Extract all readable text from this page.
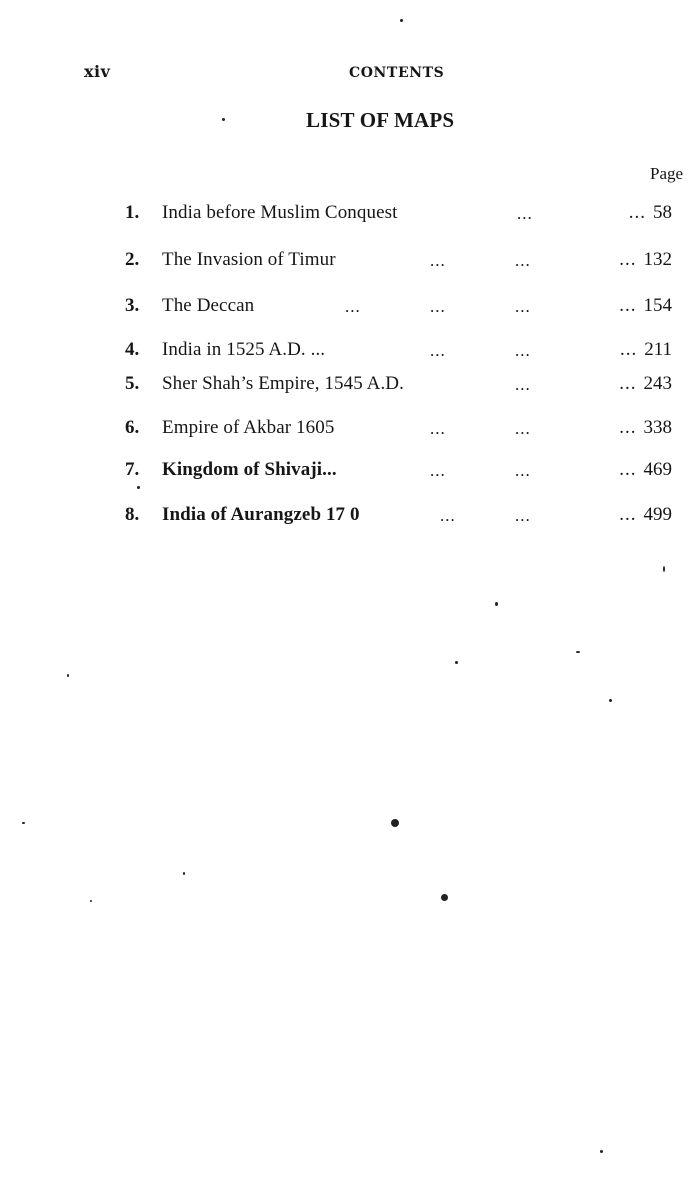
xiv	CONTENTS
LIST OF MAPS
Page
1. India before Muslim Conquest	...	... 58
2. The Invasion of Timur	...	...	... 132
3. The Deccan	...	...	...	... 154
4. India in 1525 A.D. ...	...	...	... 211
5. Sher Shah’s Empire, 1545 A.D.	...	... 243
6. Empire of Akbar 1605	...	...	... 338
7. Kingdom of Shivaji...	...	...	... 469
8. India of Aurangzeb 17 0	...	...	... 499
